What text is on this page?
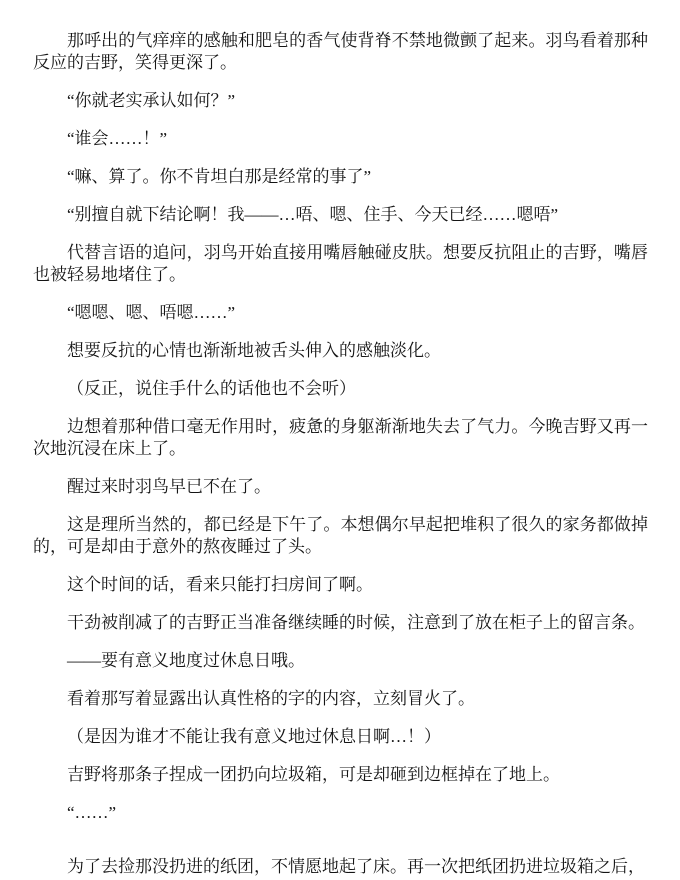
那呼出的气痒痒的感触和肥皂的香气使背脊不禁地微颤了起来。羽鸟看着那种反应的吉野，笑得更深了。

“你就老实承认如何？”

“谁会……！”

“嘛、算了。你不肯坦白那是经常的事了”

“别擅自就下结论啊！我——…唔、嗯、住手、今天已经……嗯唔”

代替言语的追问，羽鸟开始直接用嘴唇触碰皮肤。想要反抗阻止的吉野，嘴唇也被轻易地堵住了。

“嗯嗯、嗯、唔嗯……”

想要反抗的心情也渐渐地被舌头伸入的感触淡化。

（反正，说住手什么的话他也不会听）

边想着那种借口毫无作用时，疲惫的身躯渐渐地失去了气力。今晚吉野又再一次地沉浸在床上了。

醒过来时羽鸟早已不在了。

这是理所当然的，都已经是下午了。本想偶尔早起把堆积了很久的家务都做掉的，可是却由于意外的熬夜睡过了头。

这个时间的话，看来只能打扫房间了啊。

干劲被削减了的吉野正当准备继续睡的时候，注意到了放在柜子上的留言条。

——要有意义地度过休息日哦。

看着那写着显露出认真性格的字的内容，立刻冒火了。

（是因为谁才不能让我有意义地过休息日啊…！）

吉野将那条子捏成一团扔向垃圾箱，可是却砸到边框掉在了地上。

“……”

为了去捡那没扔进的纸团，不情愿地起了床。再一次把纸团扔进垃圾箱之后，
